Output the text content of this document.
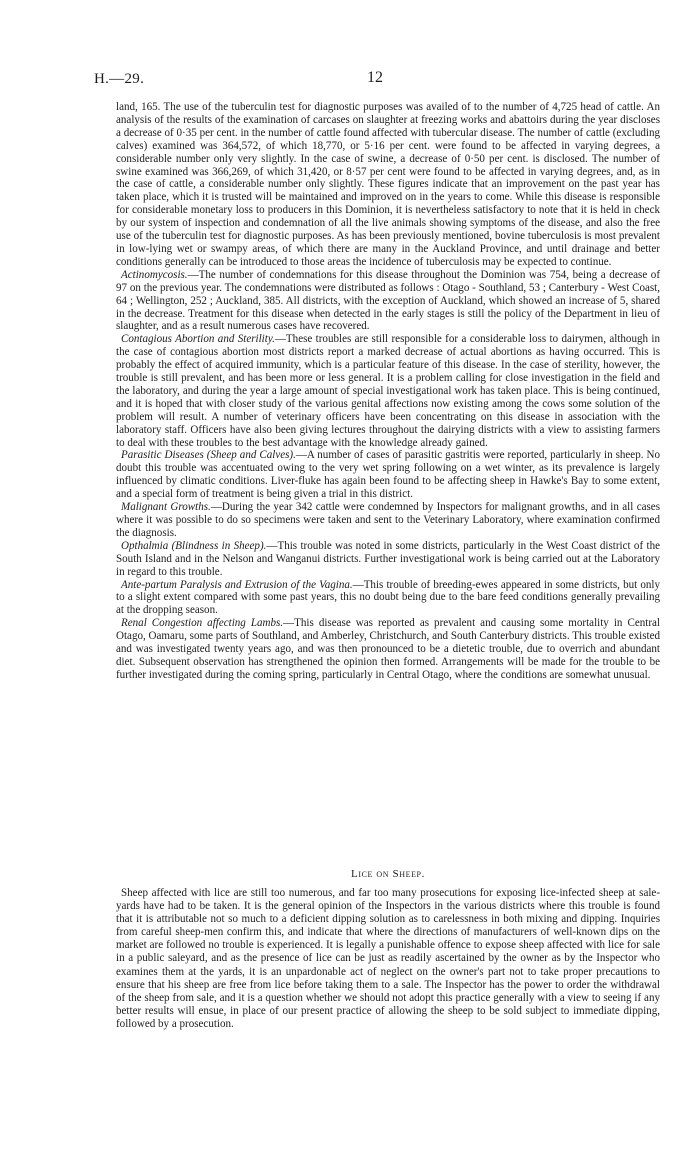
H.—29.	12

land, 165. The use of the tuberculin test for diagnostic purposes was availed of to the number of 4,725 head of cattle. An analysis of the results of the examination of carcases on slaughter at freezing works and abattoirs during the year discloses a decrease of 0·35 per cent. in the number of cattle found affected with tubercular disease. The number of cattle (excluding calves) examined was 364,572, of which 18,770, or 5·16 per cent. were found to be affected in varying degrees, a considerable number only very slightly. In the case of swine, a decrease of 0·50 per cent. is disclosed. The number of swine examined was 366,269, of which 31,420, or 8·57 per cent were found to be affected in varying degrees, and, as in the case of cattle, a considerable number only slightly. These figures indicate that an improvement on the past year has taken place, which it is trusted will be maintained and improved on in the years to come. While this disease is responsible for considerable monetary loss to producers in this Dominion, it is nevertheless satisfactory to note that it is held in check by our system of inspection and condemnation of all the live animals showing symptoms of the disease, and also the free use of the tuberculin test for diagnostic purposes. As has been previously mentioned, bovine tuberculosis is most prevalent in low-lying wet or swampy areas, of which there are many in the Auckland Province, and until drainage and better conditions generally can be introduced to those areas the incidence of tuberculosis may be expected to continue.

Actinomycosis.—The number of condemnations for this disease throughout the Dominion was 754, being a decrease of 97 on the previous year. The condemnations were distributed as follows : Otago - Southland, 53 ; Canterbury - West Coast, 64 ; Wellington, 252 ; Auckland, 385. All districts, with the exception of Auckland, which showed an increase of 5, shared in the decrease. Treatment for this disease when detected in the early stages is still the policy of the Department in lieu of slaughter, and as a result numerous cases have recovered.

Contagious Abortion and Sterility.—These troubles are still responsible for a considerable loss to dairymen, although in the case of contagious abortion most districts report a marked decrease of actual abortions as having occurred. This is probably the effect of acquired immunity, which is a particular feature of this disease. In the case of sterility, however, the trouble is still prevalent, and has been more or less general. It is a problem calling for close investigation in the field and the laboratory, and during the year a large amount of special investigational work has taken place. This is being continued, and it is hoped that with closer study of the various genital affections now existing among the cows some solution of the problem will result. A number of veterinary officers have been concentrating on this disease in association with the laboratory staff. Officers have also been giving lectures throughout the dairying districts with a view to assisting farmers to deal with these troubles to the best advantage with the knowledge already gained.

Parasitic Diseases (Sheep and Calves).—A number of cases of parasitic gastritis were reported, particularly in sheep. No doubt this trouble was accentuated owing to the very wet spring following on a wet winter, as its prevalence is largely influenced by climatic conditions. Liver-fluke has again been found to be affecting sheep in Hawke's Bay to some extent, and a special form of treatment is being given a trial in this district.

Malignant Growths.—During the year 342 cattle were condemned by Inspectors for malignant growths, and in all cases where it was possible to do so specimens were taken and sent to the Veterinary Laboratory, where examination confirmed the diagnosis.

Opthalmia (Blindness in Sheep).—This trouble was noted in some districts, particularly in the West Coast district of the South Island and in the Nelson and Wanganui districts. Further investigational work is being carried out at the Laboratory in regard to this trouble.

Ante-partum Paralysis and Extrusion of the Vagina.—This trouble of breeding-ewes appeared in some districts, but only to a slight extent compared with some past years, this no doubt being due to the bare feed conditions generally prevailing at the dropping season.

Renal Congestion affecting Lambs.—This disease was reported as prevalent and causing some mortality in Central Otago, Oamaru, some parts of Southland, and Amberley, Christchurch, and South Canterbury districts. This trouble existed and was investigated twenty years ago, and was then pronounced to be a dietetic trouble, due to overrich and abundant diet. Subsequent observation has strengthened the opinion then formed. Arrangements will be made for the trouble to be further investigated during the coming spring, particularly in Central Otago, where the conditions are somewhat unusual.

Lice on Sheep.
Sheep affected with lice are still too numerous, and far too many prosecutions for exposing lice-infected sheep at sale-yards have had to be taken. It is the general opinion of the Inspectors in the various districts where this trouble is found that it is attributable not so much to a deficient dipping solution as to carelessness in both mixing and dipping. Inquiries from careful sheep-men confirm this, and indicate that where the directions of manufacturers of well-known dips on the market are followed no trouble is experienced. It is legally a punishable offence to expose sheep affected with lice for sale in a public saleyard, and as the presence of lice can be just as readily ascertained by the owner as by the Inspector who examines them at the yards, it is an unpardonable act of neglect on the owner's part not to take proper precautions to ensure that his sheep are free from lice before taking them to a sale. The Inspector has the power to order the withdrawal of the sheep from sale, and it is a question whether we should not adopt this practice generally with a view to seeing if any better results will ensue, in place of our present practice of allowing the sheep to be sold subject to immediate dipping, followed by a prosecution.
